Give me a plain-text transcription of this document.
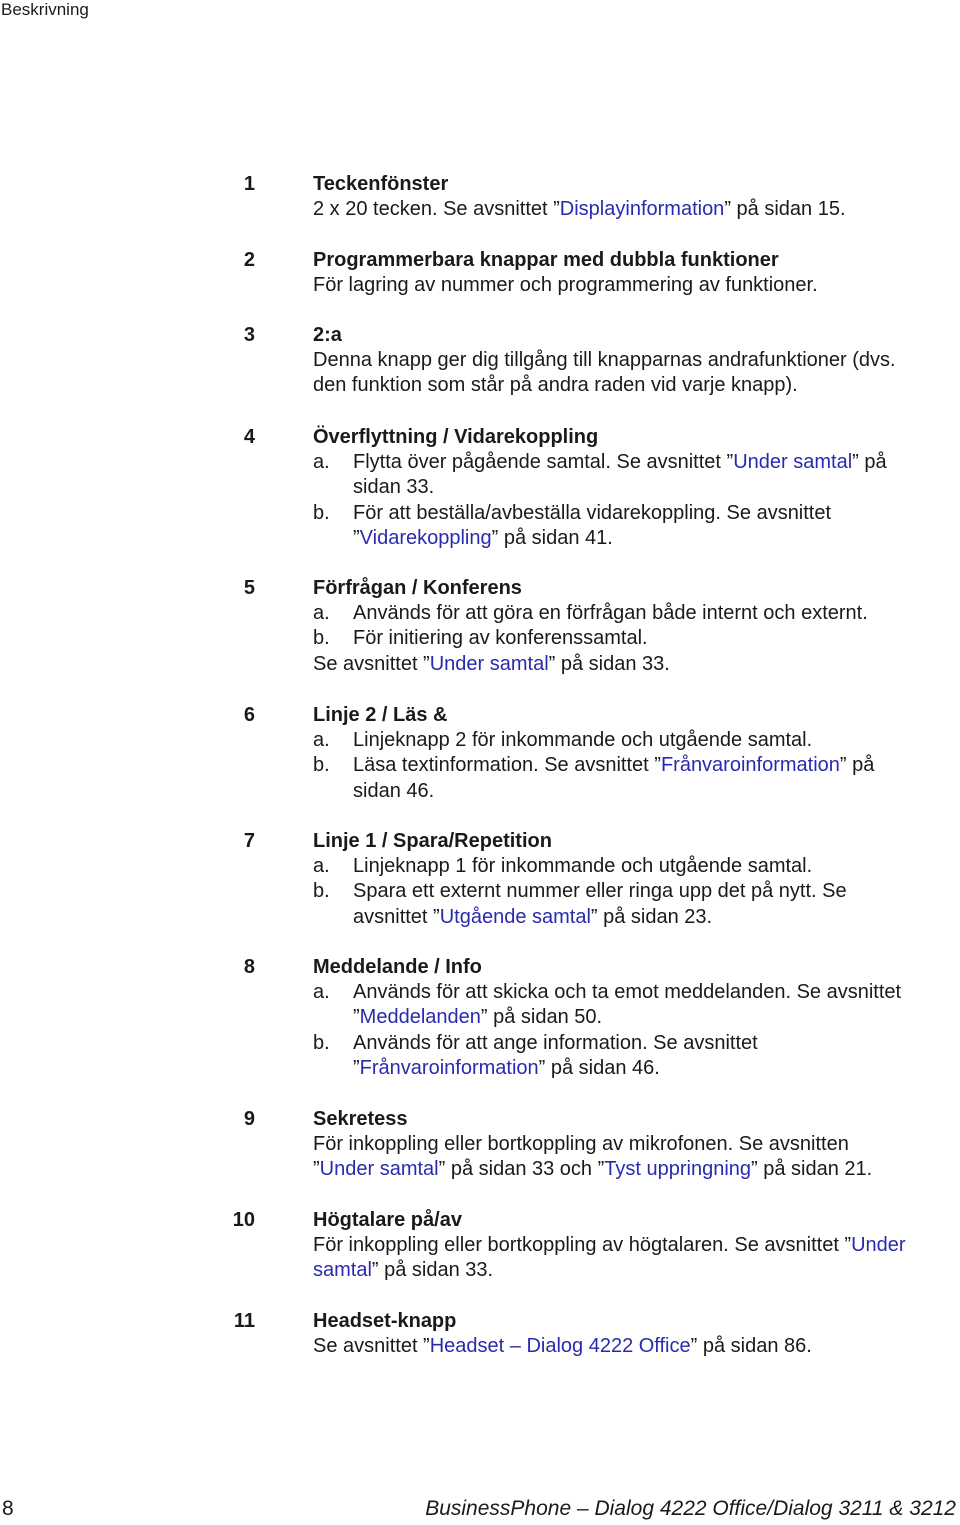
Beskrivning
1	Teckenfönster
2 x 20 tecken. Se avsnittet ”Displayinformation” på sidan 15.
2	Programmerbara knappar med dubbla funktioner
För lagring av nummer och programmering av funktioner.
3	2:a
Denna knapp ger dig tillgång till knapparnas andrafunktioner (dvs.
den funktion som står på andra raden vid varje knapp).
4	Överflyttning / Vidarekoppling
a. Flytta över pågående samtal. Se avsnittet ”Under samtal” på
sidan 33.
b. För att beställa/avbeställa vidarekoppling. Se avsnittet
”Vidarekoppling” på sidan 41.
5	Förfrågan / Konferens
a. Används för att göra en förfrågan både internt och externt.
b. För initiering av konferenssamtal.
Se avsnittet ”Under samtal” på sidan 33.
6	Linje 2 / Läs &
a. Linjeknapp 2 för inkommande och utgående samtal.
b. Läsa textinformation. Se avsnittet ”Frånvaroinformation” på
sidan 46.
7	Linje 1 / Spara/Repetition
a. Linjeknapp 1 för inkommande och utgående samtal.
b. Spara ett externt nummer eller ringa upp det på nytt. Se
avsnittet ”Utgående samtal” på sidan 23.
8	Meddelande / Info
a. Används för att skicka och ta emot meddelanden. Se avsnittet
”Meddelanden” på sidan 50.
b. Används för att ange information. Se avsnittet
”Frånvaroinformation” på sidan 46.
9	Sekretess
För inkoppling eller bortkoppling av mikrofonen. Se avsnitten
”Under samtal” på sidan 33 och ”Tyst uppringning” på sidan 21.
10	Högtalare på/av
För inkoppling eller bortkoppling av högtalaren. Se avsnittet ”Under
samtal” på sidan 33.
11	Headset-knapp
Se avsnittet ”Headset – Dialog 4222 Office” på sidan 86.
8	BusinessPhone – Dialog 4222 Office/Dialog 3211 & 3212
